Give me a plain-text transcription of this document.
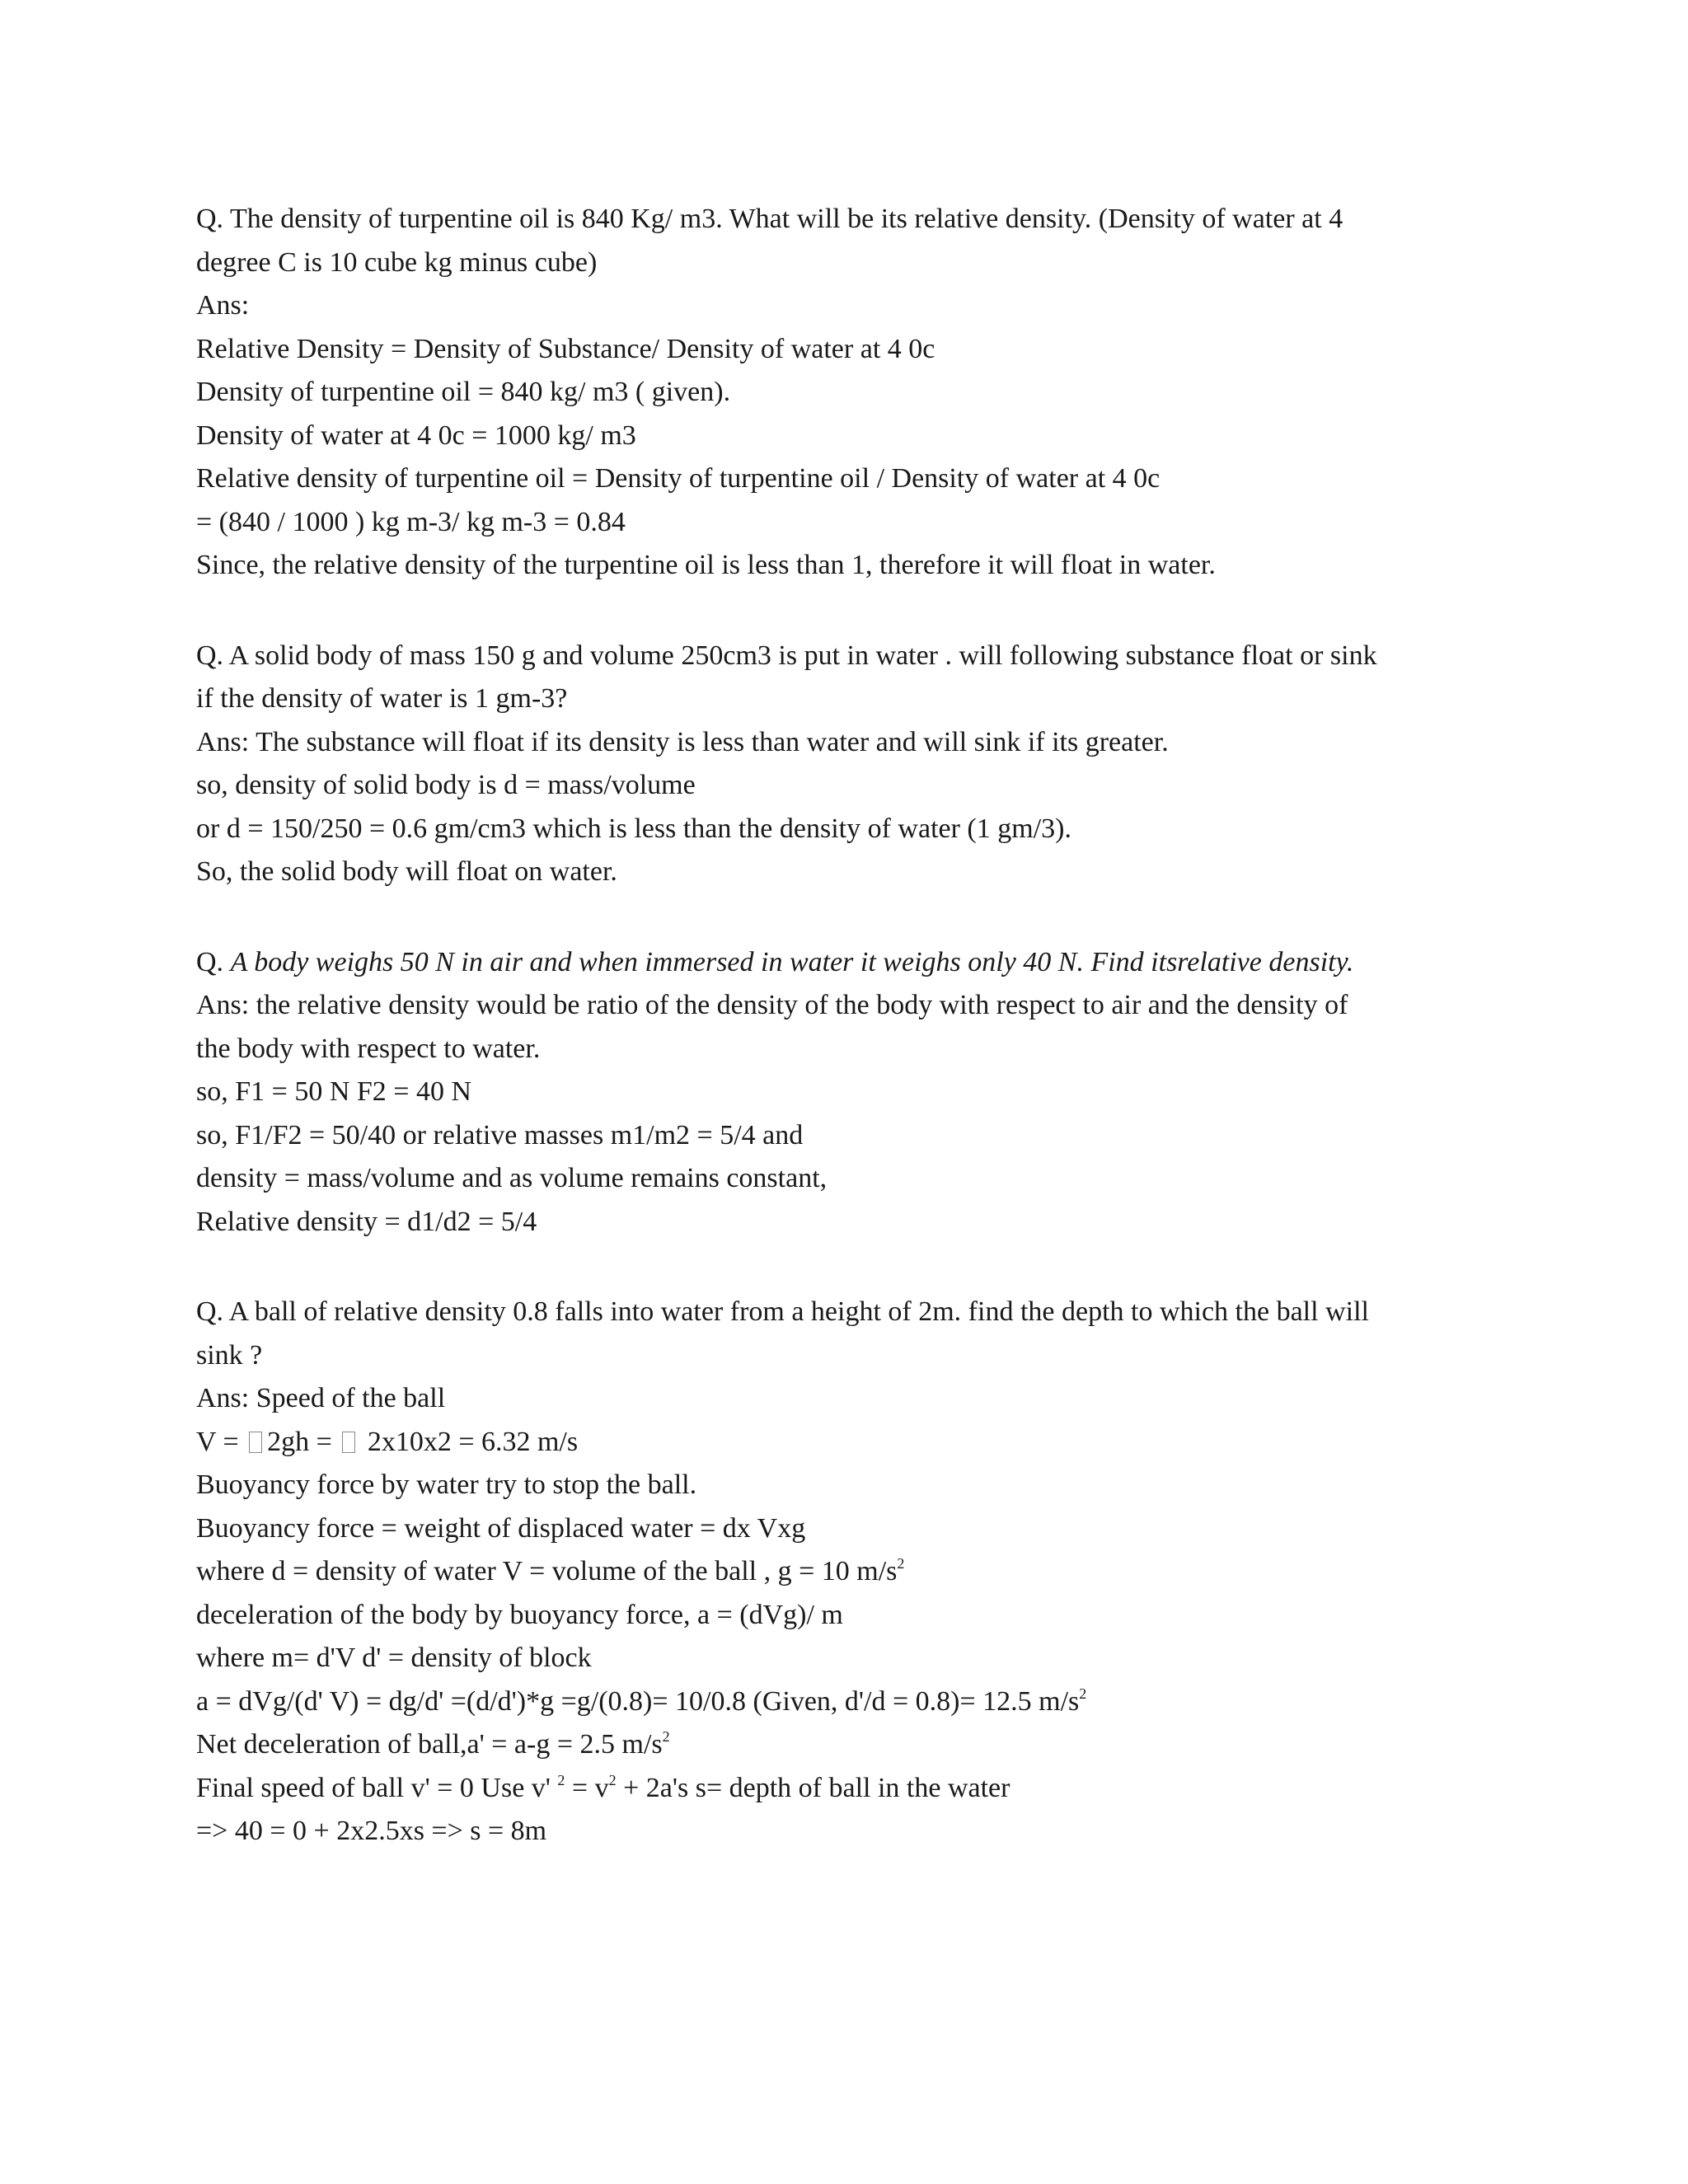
Q. The density of turpentine oil is 840 Kg/ m3. What will be its relative density. (Density of water at 4
degree C is 10 cube kg minus cube)
Ans:
Relative Density = Density of Substance/ Density of water at 4 0c
Density of turpentine oil = 840 kg/ m3 ( given).
Density of water at 4 0c = 1000 kg/ m3
Relative density of turpentine oil = Density of turpentine oil / Density of water at 4 0c
= (840 / 1000 ) kg m-3/ kg m-3 = 0.84
Since, the relative density of the turpentine oil is less than 1, therefore it will float in water.
Q. A solid body of mass 150 g and volume 250cm3 is put in water . will following substance float or sink
if the density of water is 1 gm-3?
Ans: The substance will float if its density is less than water and will sink if its greater.
so, density of solid body is d = mass/volume
or d = 150/250 = 0.6 gm/cm3 which is less than the density of water (1 gm/3).
So, the solid body will float on water.
Q. A body weighs 50 N in air and when immersed in water it weighs only 40 N. Find itsrelative density.
Ans: the relative density would be ratio of the density of the body with respect to air and the density of
the body with respect to water.
so, F1 = 50 N F2 = 40 N
so, F1/F2 = 50/40 or relative masses m1/m2 = 5/4 and
density = mass/volume and as volume remains constant,
Relative density = d1/d2 = 5/4
Q. A ball of relative density 0.8 falls into water from a height of 2m. find the depth to which the ball will
sink ?
Ans: Speed of the ball
V = 2gh =  2x10x2 = 6.32 m/s
Buoyancy force by water try to stop the ball.
Buoyancy force = weight of displaced water = dx Vxg
where d = density of water V = volume of the ball , g = 10 $m/s^2$
deceleration of the body by buoyancy force, a = (dVg)/ m
where m= d'V d' = density of block
a = dVg/(d' V) = dg/d' =(d/d')*g =g/(0.8)= 10/0.8 (Given, d'/d = 0.8)= 12.5 $m/s^2$
Net deceleration of ball,a' = a-g = 2.5 $m/s^2$
Final speed of ball v' = 0 Use v' $^2 = v^2 + 2a's$ s= depth of ball in the water
=> 40 = 0 + 2x2.5xs => s = 8m
